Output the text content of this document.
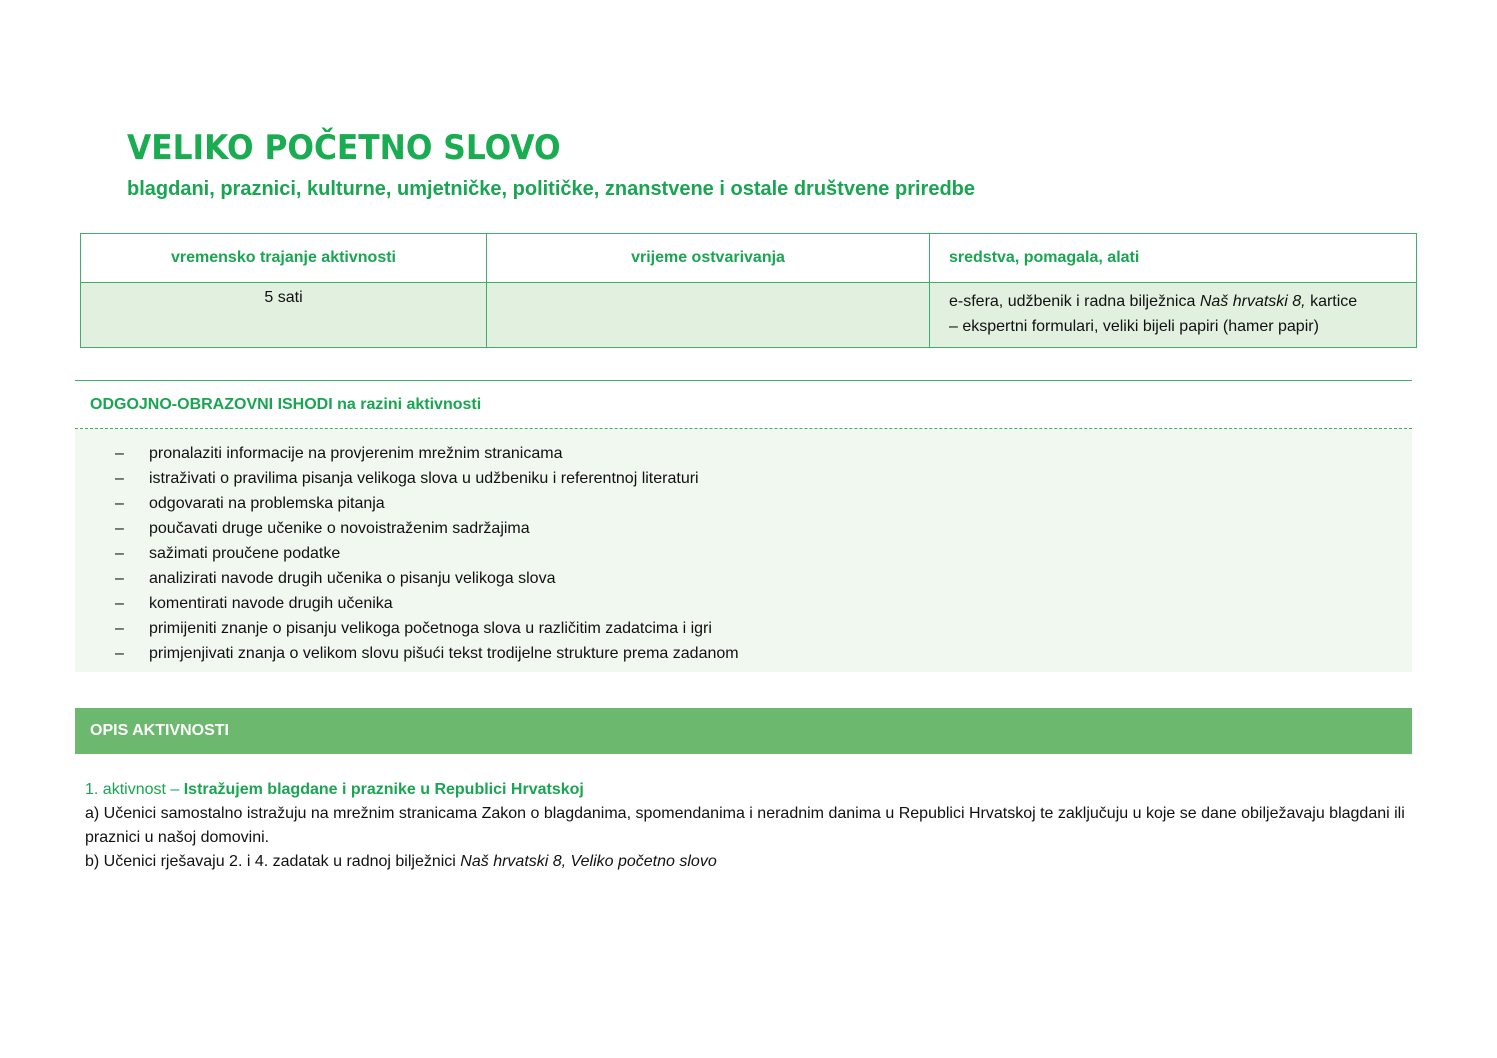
VELIKO POČETNO SLOVO
blagdani, praznici, kulturne, umjetničke, političke, znanstvene i ostale društvene priredbe
vremensko trajanje aktivnosti	vrijeme ostvarivanja	sredstva, pomagala, alati
5 sati		e-sfera, udžbenik i radna bilježnica Naš hrvatski 8, kartice
– ekspertni formulari, veliki bijeli papiri (hamer papir)
ODGOJNO-OBRAZOVNI ISHODI na razini aktivnosti
– pronalaziti informacije na provjerenim mrežnim stranicama
– istraživati o pravilima pisanja velikoga slova u udžbeniku i referentnoj literaturi
– odgovarati na problemska pitanja
– poučavati druge učenike o novoistraženim sadržajima
– sažimati proučene podatke
– analizirati navode drugih učenika o pisanju velikoga slova
– komentirati navode drugih učenika
– primijeniti znanje o pisanju velikoga početnoga slova u različitim zadatcima i igri
– primjenjivati znanja o velikom slovu pišući tekst trodijelne strukture prema zadanom
OPIS AKTIVNOSTI

1. aktivnost – Istražujem blagdane i praznike u Republici Hrvatskoj

a) Učenici samostalno istražuju na mrežnim stranicama Zakon o blagdanima, spomendanima i neradnim danima u Republici Hrvatskoj te zaključuju u koje se dane obilježavaju blagdani ili praznici u našoj domovini.

b) Učenici rješavaju 2. i 4. zadatak u radnoj bilježnici Naš hrvatski 8, Veliko početno slovo
